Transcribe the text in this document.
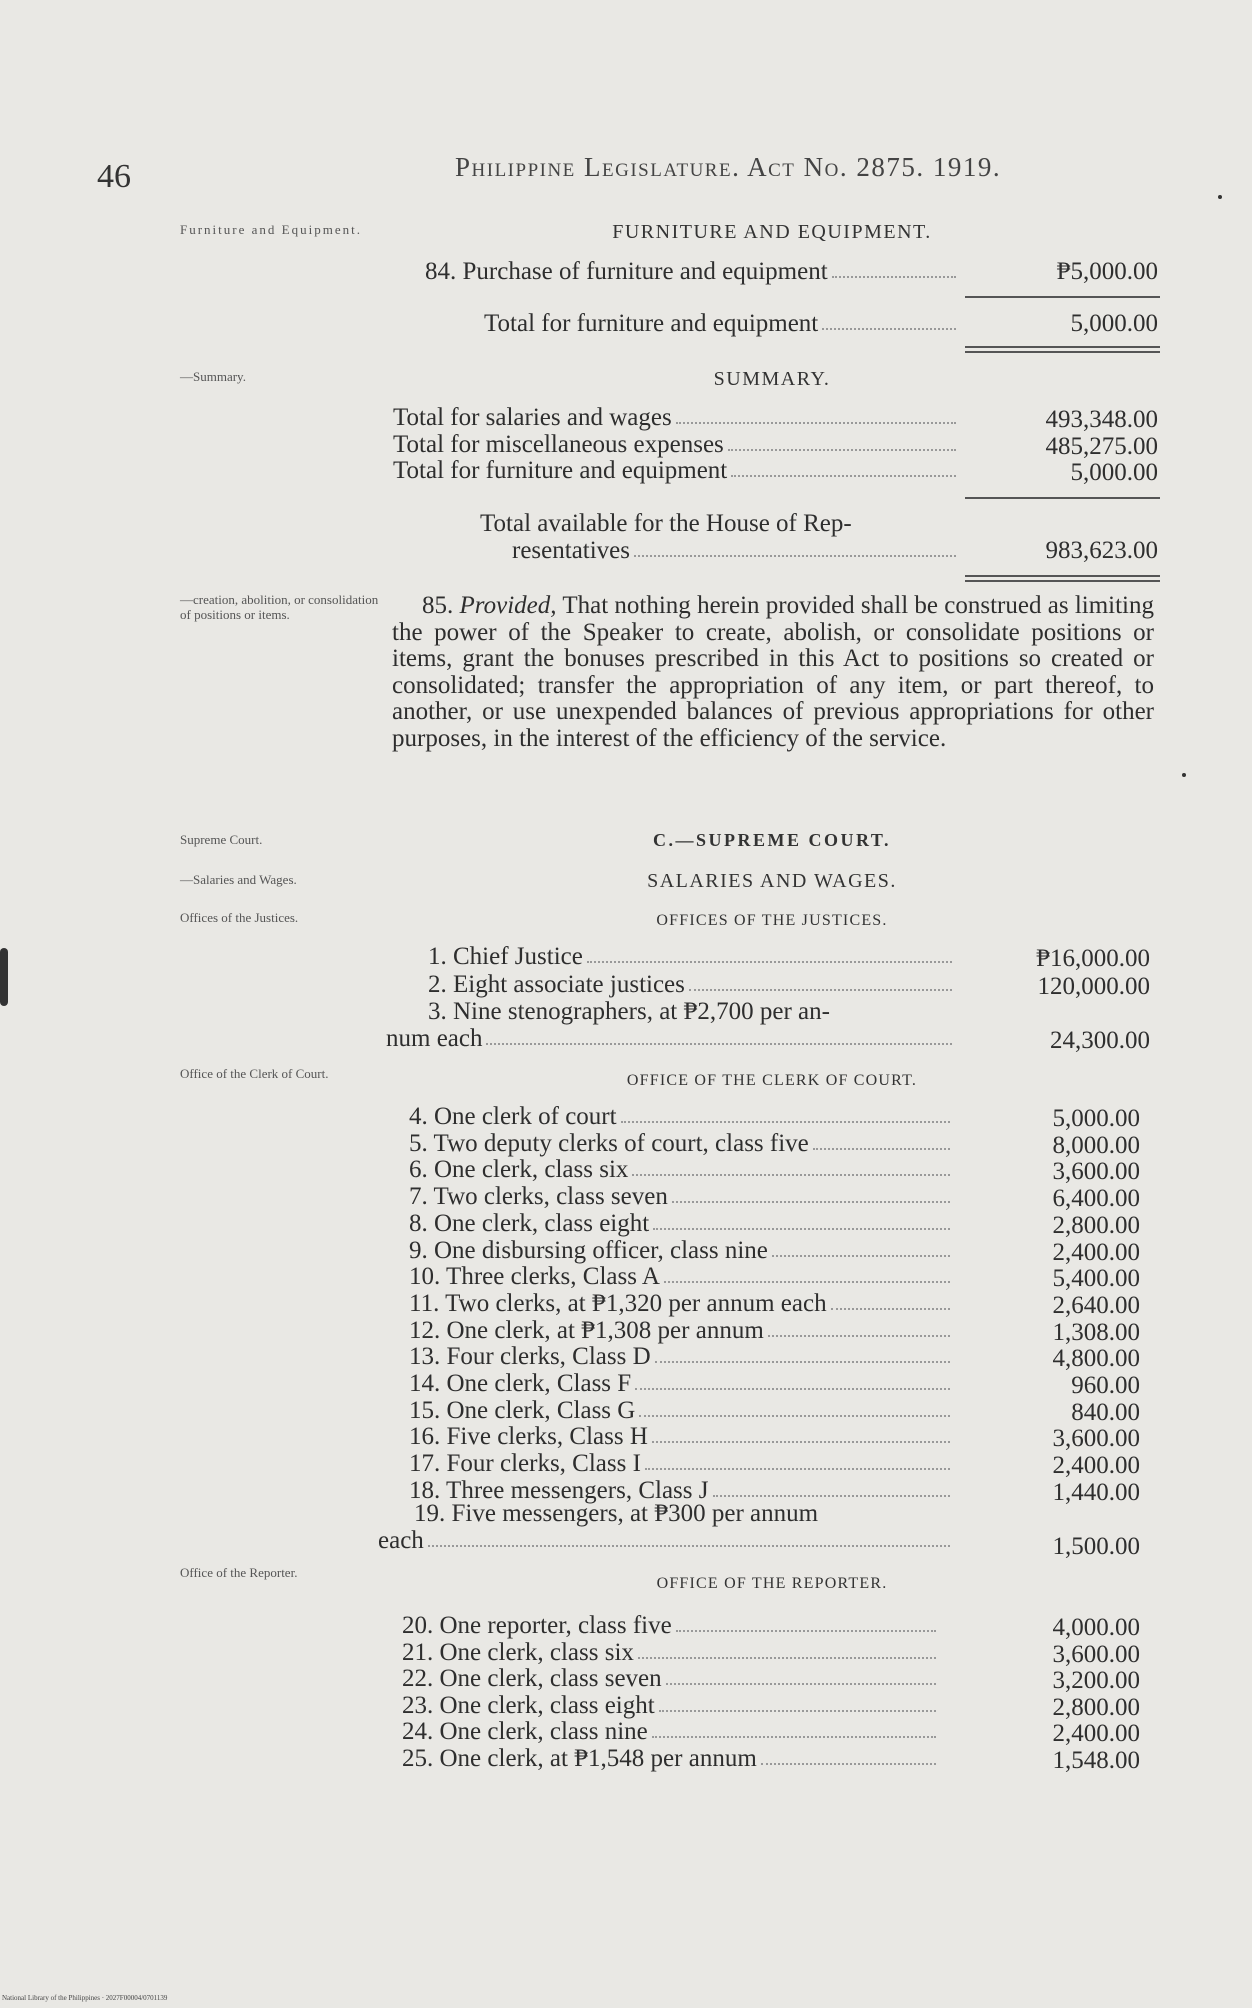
46	Philippine Legislature. Act No. 2875. 1919.
Furniture and Equipment.	FURNITURE AND EQUIPMENT.
84. Purchase of furniture and equipment	₱5,000.00
Total for furniture and equipment	5,000.00
—Summary.	SUMMARY.
Total for salaries and wages	493,348.00
Total for miscellaneous expenses	485,275.00
Total for furniture and equipment	5,000.00
Total available for the House of Rep-
resentatives	983,623.00
—creation, abolition, or consolidation of positions or items.	85. Provided, That nothing herein provided shall be construed as limiting the power of the Speaker to create, abolish, or consolidate positions or items, grant the bonuses prescribed in this Act to positions so created or consolidated; transfer the appropriation of any item, or part thereof, to another, or use unexpended balances of previous appropriations for other purposes, in the interest of the efficiency of the service.
Supreme Court.	C.—SUPREME COURT.
—Salaries and Wages.	SALARIES AND WAGES.
Offices of the Justices.	OFFICES OF THE JUSTICES.
1. Chief Justice	₱16,000.00
2. Eight associate justices	120,000.00
3. Nine stenographers, at ₱2,700 per an-
num each	24,300.00
Office of the Clerk of Court.	OFFICE OF THE CLERK OF COURT.
4. One clerk of court	5,000.00
5. Two deputy clerks of court, class five	8,000.00
6. One clerk, class six	3,600.00
7. Two clerks, class seven	6,400.00
8. One clerk, class eight	2,800.00
9. One disbursing officer, class nine	2,400.00
10. Three clerks, Class A	5,400.00
11. Two clerks, at ₱1,320 per annum each	2,640.00
12. One clerk, at ₱1,308 per annum	1,308.00
13. Four clerks, Class D	4,800.00
14. One clerk, Class F	960.00
15. One clerk, Class G	840.00
16. Five clerks, Class H	3,600.00
17. Four clerks, Class I	2,400.00
18. Three messengers, Class J	1,440.00
19. Five messengers, at ₱300 per annum
each	1,500.00
Office of the Reporter.
OFFICE OF THE REPORTER.
20. One reporter, class five	4,000.00
21. One clerk, class six	3,600.00
22. One clerk, class seven	3,200.00
23. One clerk, class eight	2,800.00
24. One clerk, class nine	2,400.00
25. One clerk, at ₱1,548 per annum	1,548.00
National Library of the Philippines · 2027F00004/0701139
